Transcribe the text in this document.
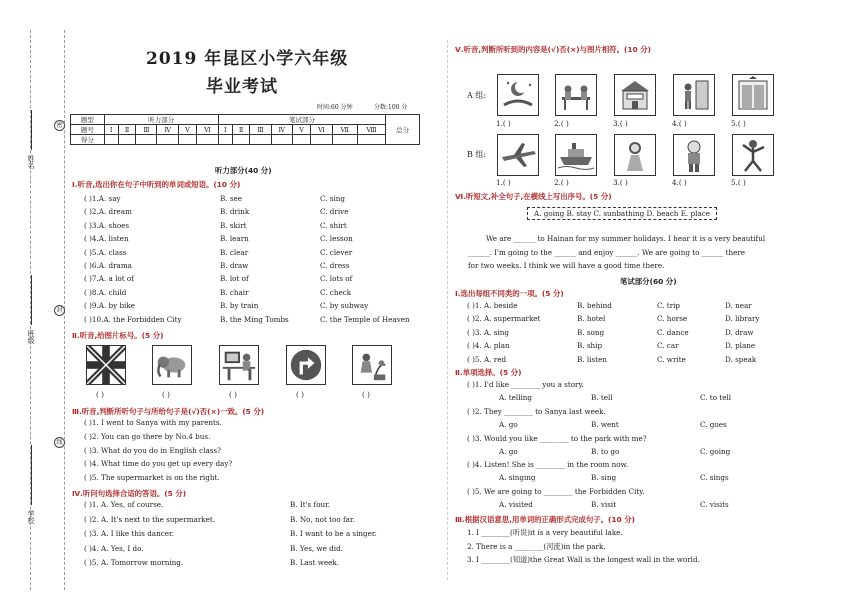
姓名
班级
学校
密
封
线
2019 年昆区小学六年级
毕业考试
时间:60 分钟	分数:100 分
题型	听力部分						笔试部分								总分
题号	Ⅰ	Ⅱ	Ⅲ	Ⅳ	Ⅴ	Ⅵ	Ⅰ	Ⅱ	Ⅲ	Ⅳ	Ⅴ	Ⅵ	Ⅶ	Ⅷ	
得分															
听力部分(40 分)
Ⅰ.听音,选出你在句子中听到的单词或短语。(10 分)
( )1.A. say	B. see	C. sing
( )2.A. dream	B. drink	C. drive
( )3.A. shoes	B. skirt	C. shirt
( )4.A. listen	B. learn	C. lesson
( )5.A. class	B. clear	C. clever
( )6.A. drama	B. draw	C. dress
( )7.A. a lot of	B. lot of	C. lots of
( )8.A. child	B. chair	C. check
( )9.A. by bike	B. by train	C. by subway
( )10.A. the Forbidden City	B. the Ming Tombs	C. the Temple of Heaven
Ⅱ.听音,给图片标号。(5 分)
( )	( )	( )	( )	( )
Ⅲ.听音,判断所听句子与所给句子是(√)否(×)一致。(5 分)
( )1. I went to Sanya with my parents.
( )2. You can go there by No.4 bus.
( )3. What do you do in English class?
( )4. What time do you get up every day?
( )5. The supermarket is on the right.
Ⅳ.听问句选择合适的答语。(5 分)
( )1. A. Yes, of course.	B. It's four.
( )2. A. It's next to the supermarket.	B. No, not too far.
( )3. A. I like this dancer.	B. I want to be a singer.
( )4. A. Yes, I do.	B. Yes, we did.
( )5. A. Tomorrow morning.	B. Last week.
Ⅴ.听音,判断所听到的内容是(√)否(×)与图片相符。(10 分)
A 组:
B 组:
1.( )
1.( )
2.( )
2.( )
3.( )
3.( )
4.( )
4.( )
5.( )
5.( )
Ⅵ.听短文,补全句子,在横线上写出序号。(5 分)
A. going B. stay C. sunbathing D. beach E. place
We are ______ to Hainan for my summer holidays. I hear it is a very beautiful
______. I'm going to the ______ and enjoy ______. We are going to ______ there
for two weeks. I think we will have a good time there.
笔试部分(60 分)
Ⅰ.选出每组不同类的一项。(5 分)
( )1. A. beside	B. behind	C. trip	D. near
( )2. A. supermarket	B. hotel	C. horse	D. library
( )3. A. sing	B. song	C. dance	D. draw
( )4. A. plan	B. ship	C. car	D. plane
( )5. A. red	B. listen	C. write	D. speak
Ⅱ.单项选择。(5 分)
( )1. I'd like ________ you a story.
A. telling	B. tell	C. to tell
( )2. They ________ to Sanya last week.
A. go	B. went	C. goes
( )3. Would you like ________ to the park with me?
A. go	B. to go	C. going
( )4. Listen! She is ________ in the room now.
A. singing	B. sing	C. sings
( )5. We are going to ________ the Forbidden City.
A. visited	B. visit	C. visits
Ⅲ.根据汉语意思,用单词的正确形式完成句子。(10 分)
1. I ________(听说)it is a very beautiful lake.
2. There is a ________(河流)in the park.
3. I ________(知道)the Great Wall is the longest wall in the world.
